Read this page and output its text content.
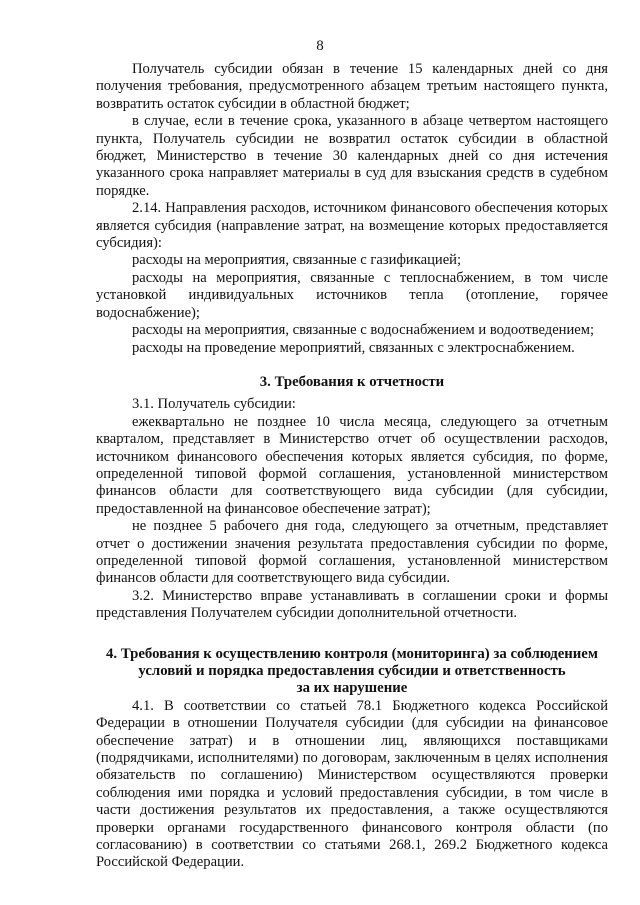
8

Получатель субсидии обязан в течение 15 календарных дней со дня получения требования, предусмотренного абзацем третьим настоящего пункта, возвратить остаток субсидии в областной бюджет;

в случае, если в течение срока, указанного в абзаце четвертом настоящего пункта, Получатель субсидии не возвратил остаток субсидии в областной бюджет, Министерство в течение 30 календарных дней со дня истечения указанного срока направляет материалы в суд для взыскания средств в судебном порядке.

2.14. Направления расходов, источником финансового обеспечения которых является субсидия (направление затрат, на возмещение которых предоставляется субсидия):

расходы на мероприятия, связанные с газификацией;

расходы на мероприятия, связанные с теплоснабжением, в том числе установкой индивидуальных источников тепла (отопление, горячее водоснабжение);

расходы на мероприятия, связанные с водоснабжением и водоотведением;

расходы на проведение мероприятий, связанных с электроснабжением.

3. Требования к отчетности

3.1. Получатель субсидии:

ежеквартально не позднее 10 числа месяца, следующего за отчетным кварталом, представляет в Министерство отчет об осуществлении расходов, источником финансового обеспечения которых является субсидия, по форме, определенной типовой формой соглашения, установленной министерством финансов области для соответствующего вида субсидии (для субсидии, предоставленной на финансовое обеспечение затрат);

не позднее 5 рабочего дня года, следующего за отчетным, представляет отчет о достижении значения результата предоставления субсидии по форме, определенной типовой формой соглашения, установленной министерством финансов области для соответствующего вида субсидии.

3.2. Министерство вправе устанавливать в соглашении сроки и формы представления Получателем субсидии дополнительной отчетности.

4. Требования к осуществлению контроля (мониторинга) за соблюдением

условий и порядка предоставления субсидии и ответственность

за их нарушение

4.1. В соответствии со статьей 78.1 Бюджетного кодекса Российской Федерации в отношении Получателя субсидии (для субсидии на финансовое обеспечение затрат) и в отношении лиц, являющихся поставщиками (подрядчиками, исполнителями) по договорам, заключенным в целях исполнения обязательств по соглашению) Министерством осуществляются проверки соблюдения ими порядка и условий предоставления субсидии, в том числе в части достижения результатов их предоставления, а также осуществляются проверки органами государственного финансового контроля области (по согласованию) в соответствии со статьями 268.1, 269.2 Бюджетного кодекса Российской Федерации.
